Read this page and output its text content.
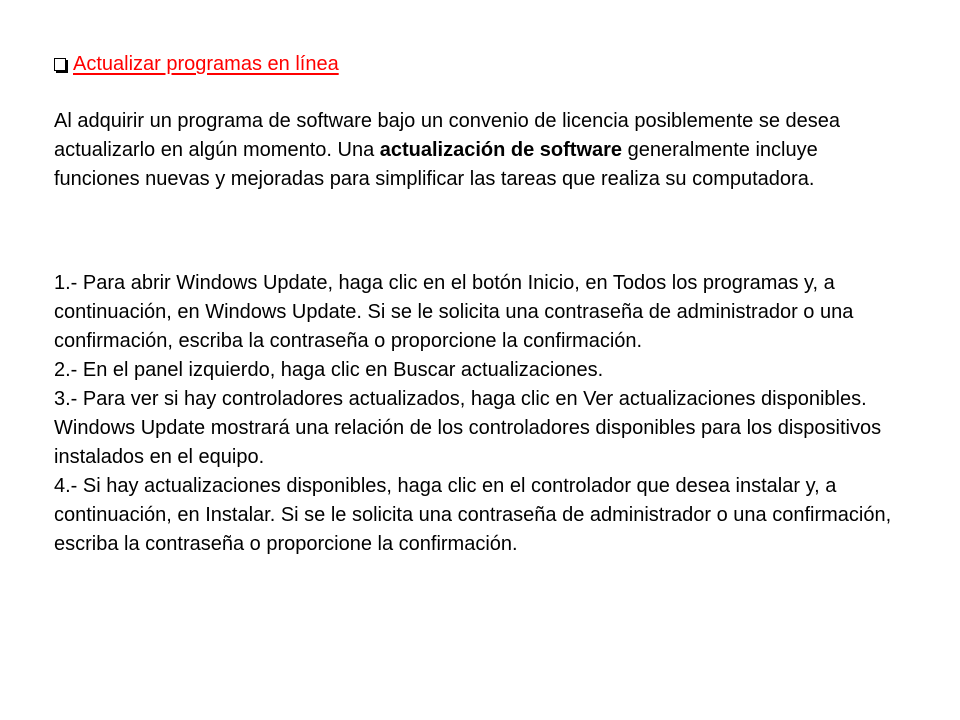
Actualizar programas en línea

Al adquirir un programa de software bajo un convenio de licencia posiblemente se desea actualizarlo en algún momento. Una actualización de software generalmente incluye funciones nuevas y mejoradas para simplificar las tareas que realiza su computadora.

1.- Para abrir Windows Update, haga clic en el botón Inicio, en Todos los programas y, a continuación, en Windows Update. Si se le solicita una contraseña de administrador o una confirmación, escriba la contraseña o proporcione la confirmación.

2.- En el panel izquierdo, haga clic en Buscar actualizaciones.

3.- Para ver si hay controladores actualizados, haga clic en Ver actualizaciones disponibles. Windows Update mostrará una relación de los controladores disponibles para los dispositivos instalados en el equipo.

4.- Si hay actualizaciones disponibles, haga clic en el controlador que desea instalar y, a continuación, en Instalar. Si se le solicita una contraseña de administrador o una confirmación, escriba la contraseña o proporcione la confirmación.
